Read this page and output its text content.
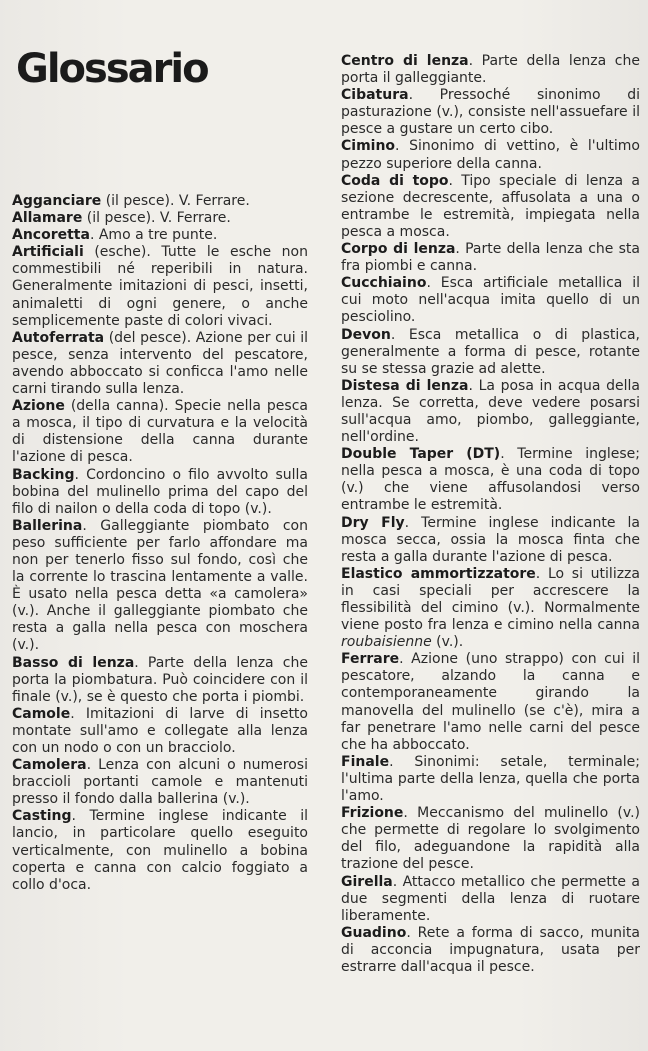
Glossario

Agganciare (il pesce). V. Ferrare.

Allamare (il pesce). V. Ferrare.

Ancoretta. Amo a tre punte.

Artificiali (esche). Tutte le esche non commestibili né reperibili in natura. Generalmente imitazioni di pesci, insetti, animaletti di ogni genere, o anche semplicemente paste di colori vivaci.

Autoferrata (del pesce). Azione per cui il pesce, senza intervento del pescatore, avendo abboccato si conficca l'amo nelle carni tirando sulla lenza.

Azione (della canna). Specie nella pesca a mosca, il tipo di curvatura e la velocità di distensione della canna durante l'azione di pesca.

Backing. Cordoncino o filo avvolto sulla bobina del mulinello prima del capo del filo di nailon o della coda di topo (v.).

Ballerina. Galleggiante piombato con peso sufficiente per farlo affondare ma non per tenerlo fisso sul fondo, così che la corrente lo trascina lentamente a valle. È usato nella pesca detta «a camolera» (v.). Anche il galleggiante piombato che resta a galla nella pesca con moschera (v.).

Basso di lenza. Parte della lenza che porta la piombatura. Può coincidere con il finale (v.), se è questo che porta i piombi.

Camole. Imitazioni di larve di insetto montate sull'amo e collegate alla lenza con un nodo o con un bracciolo.

Camolera. Lenza con alcuni o numerosi braccioli portanti camole e mantenuti presso il fondo dalla ballerina (v.).

Casting. Termine inglese indicante il lancio, in particolare quello eseguito verticalmente, con mulinello a bobina coperta e canna con calcio foggiato a collo d'oca.

Centro di lenza. Parte della lenza che porta il galleggiante.

Cibatura. Pressoché sinonimo di pasturazione (v.), consiste nell'assuefare il pesce a gustare un certo cibo.

Cimino. Sinonimo di vettino, è l'ultimo pezzo superiore della canna.

Coda di topo. Tipo speciale di lenza a sezione decrescente, affusolata a una o entrambe le estremità, impiegata nella pesca a mosca.

Corpo di lenza. Parte della lenza che sta fra piombi e canna.

Cucchiaino. Esca artificiale metallica il cui moto nell'acqua imita quello di un pesciolino.

Devon. Esca metallica o di plastica, generalmente a forma di pesce, rotante su se stessa grazie ad alette.

Distesa di lenza. La posa in acqua della lenza. Se corretta, deve vedere posarsi sull'acqua amo, piombo, galleggiante, nell'ordine.

Double Taper (DT). Termine inglese; nella pesca a mosca, è una coda di topo (v.) che viene affusolandosi verso entrambe le estremità.

Dry Fly. Termine inglese indicante la mosca secca, ossia la mosca finta che resta a galla durante l'azione di pesca.

Elastico ammortizzatore. Lo si utilizza in casi speciali per accrescere la flessibilità del cimino (v.). Normalmente viene posto fra lenza e cimino nella canna roubaisienne (v.).

Ferrare. Azione (uno strappo) con cui il pescatore, alzando la canna e contemporaneamente girando la manovella del mulinello (se c'è), mira a far penetrare l'amo nelle carni del pesce che ha abboccato.

Finale. Sinonimi: setale, terminale; l'ultima parte della lenza, quella che porta l'amo.

Frizione. Meccanismo del mulinello (v.) che permette di regolare lo svolgimento del filo, adeguandone la rapidità alla trazione del pesce.

Girella. Attacco metallico che permette a due segmenti della lenza di ruotare liberamente.

Guadino. Rete a forma di sacco, munita di acconcia impugnatura, usata per estrarre dall'acqua il pesce.
